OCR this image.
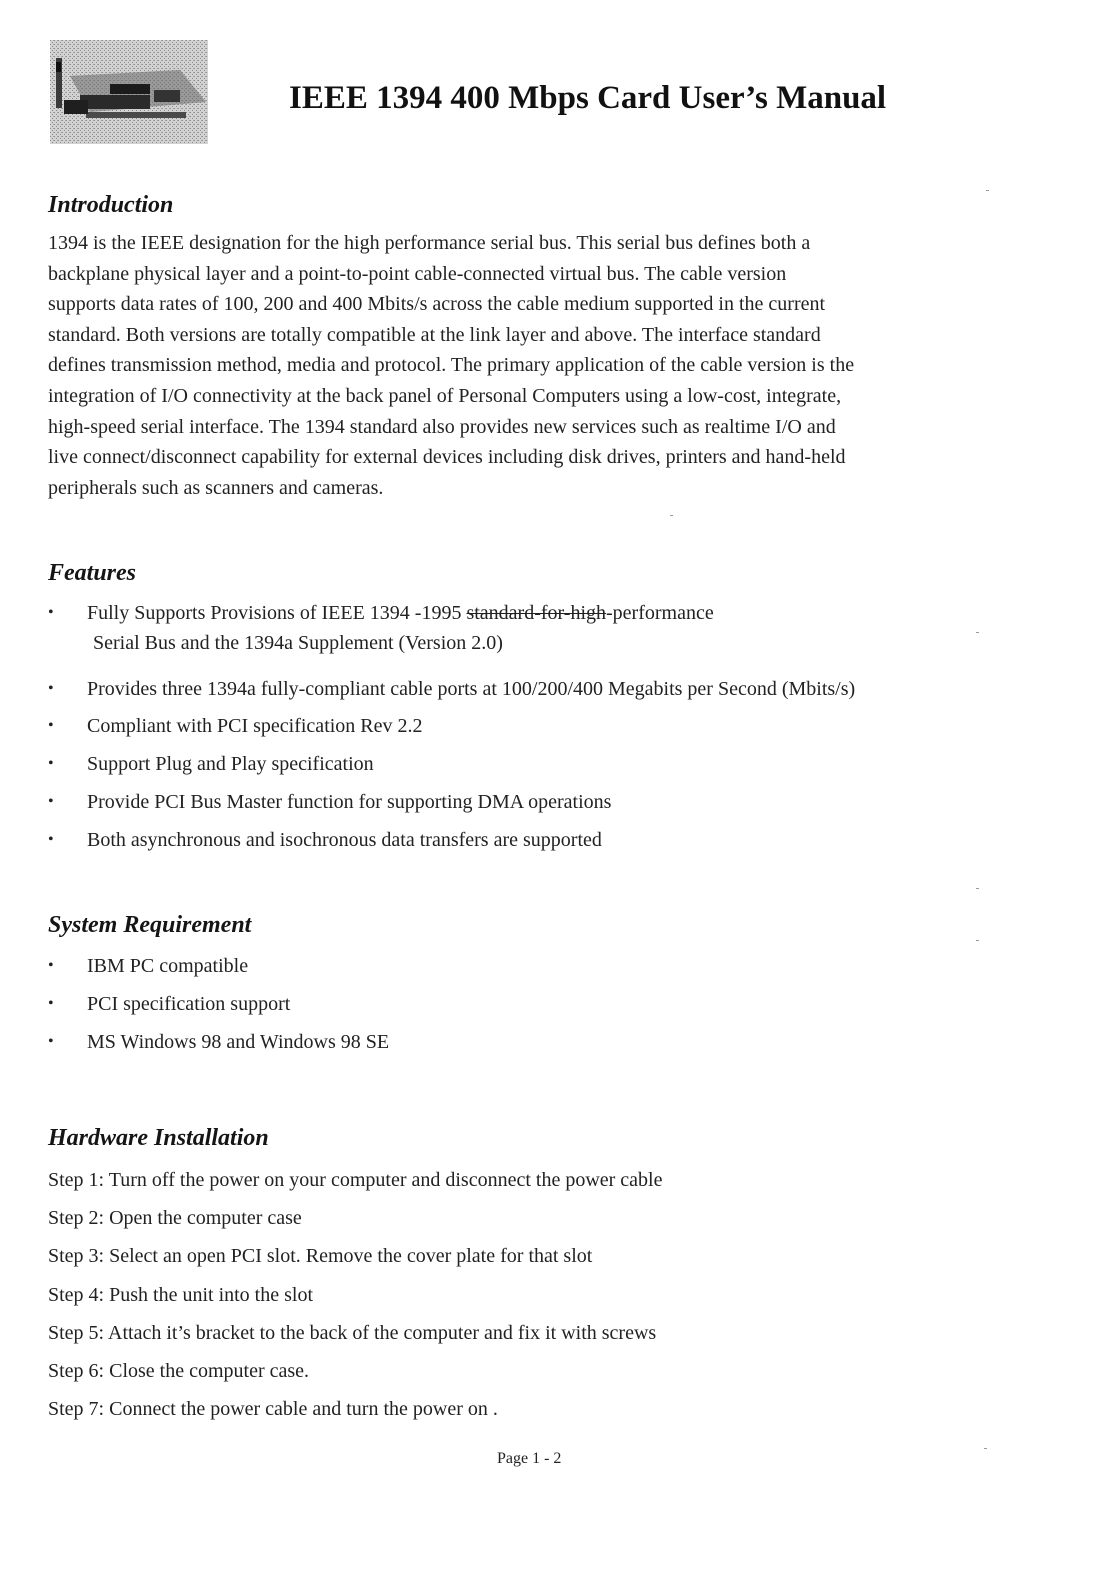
IEEE 1394 400 Mbps Card User’s Manual
Introduction
1394 is the IEEE designation for the high performance serial bus. This serial bus defines both a
backplane physical layer and a point-to-point cable-connected virtual bus. The cable version
supports data rates of 100, 200 and 400 Mbits/s across the cable medium supported in the current
standard. Both versions are totally compatible at the link layer and above. The interface standard
defines transmission method, media and protocol. The primary application of the cable version is the
integration of I/O connectivity at the back panel of Personal Computers using a low-cost, integrate,
high-speed serial interface. The 1394 standard also provides new services such as realtime I/O and
live connect/disconnect capability for external devices including disk drives, printers and hand-held
peripherals such as scanners and cameras.
Features
• Fully Supports Provisions of IEEE 1394 -1995 standard-for-high-performance
Serial Bus and the 1394a Supplement (Version 2.0)
• Provides three 1394a fully-compliant cable ports at 100/200/400 Megabits per Second (Mbits/s)
• Compliant with PCI specification Rev 2.2
• Support Plug and Play specification
• Provide PCI Bus Master function for supporting DMA operations
• Both asynchronous and isochronous data transfers are supported
System Requirement
• IBM PC compatible
• PCI specification support
• MS Windows 98 and Windows 98 SE
Hardware Installation
Step 1: Turn off the power on your computer and disconnect the power cable
Step 2: Open the computer case
Step 3: Select an open PCI slot. Remove the cover plate for that slot
Step 4: Push the unit into the slot
Step 5: Attach it’s bracket to the back of the computer and fix it with screws
Step 6: Close the computer case.
Step 7: Connect the power cable and turn the power on .
Page 1 - 2
